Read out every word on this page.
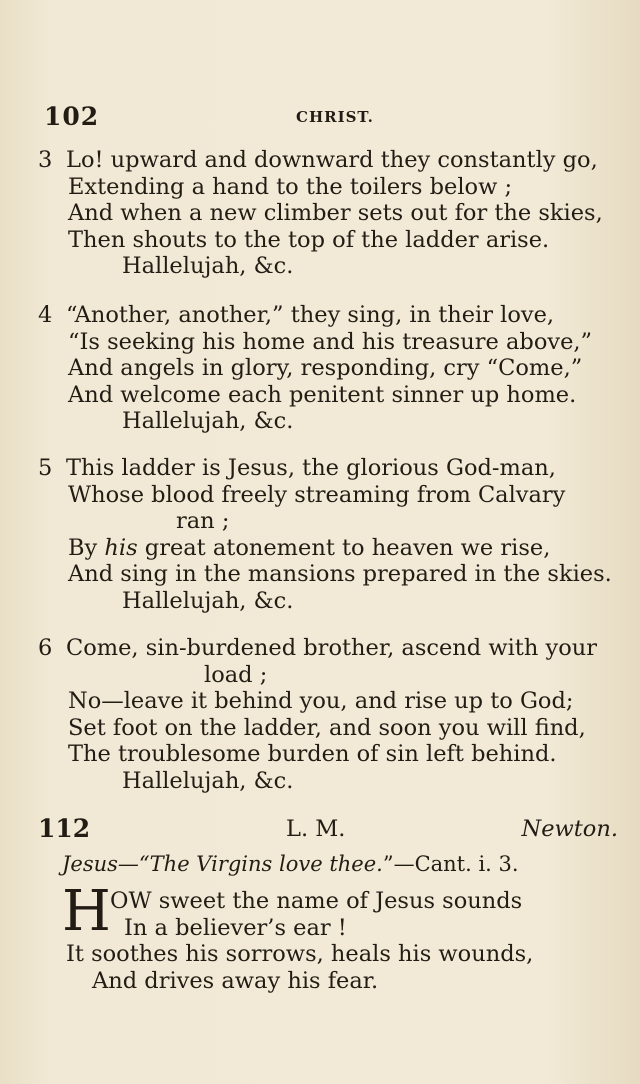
102	CHRIST.
3 Lo! upward and downward they constantly go,
Extending a hand to the toilers below ;
And when a new climber sets out for the skies,
Then shouts to the top of the ladder arise.
Hallelujah, &c.
4 “Another, another,” they sing, in their love,
“Is seeking his home and his treasure above,”
And angels in glory, responding, cry “Come,”
And welcome each penitent sinner up home.
Hallelujah, &c.
5 This ladder is Jesus, the glorious God-man,
Whose blood freely streaming from Calvary
ran ;
By his great atonement to heaven we rise,
And sing in the mansions prepared in the skies.
Hallelujah, &c.
6 Come, sin-burdened brother, ascend with your
load ;
No—leave it behind you, and rise up to God;
Set foot on the ladder, and soon you will find,
The troublesome burden of sin left behind.
Hallelujah, &c.
112	L. M.	Newton.
Jesus—“The Virgins love thee.”—Cant. i. 3.
H OW sweet the name of Jesus sounds
In a believer’s ear !
It soothes his sorrows, heals his wounds,
And drives away his fear.
